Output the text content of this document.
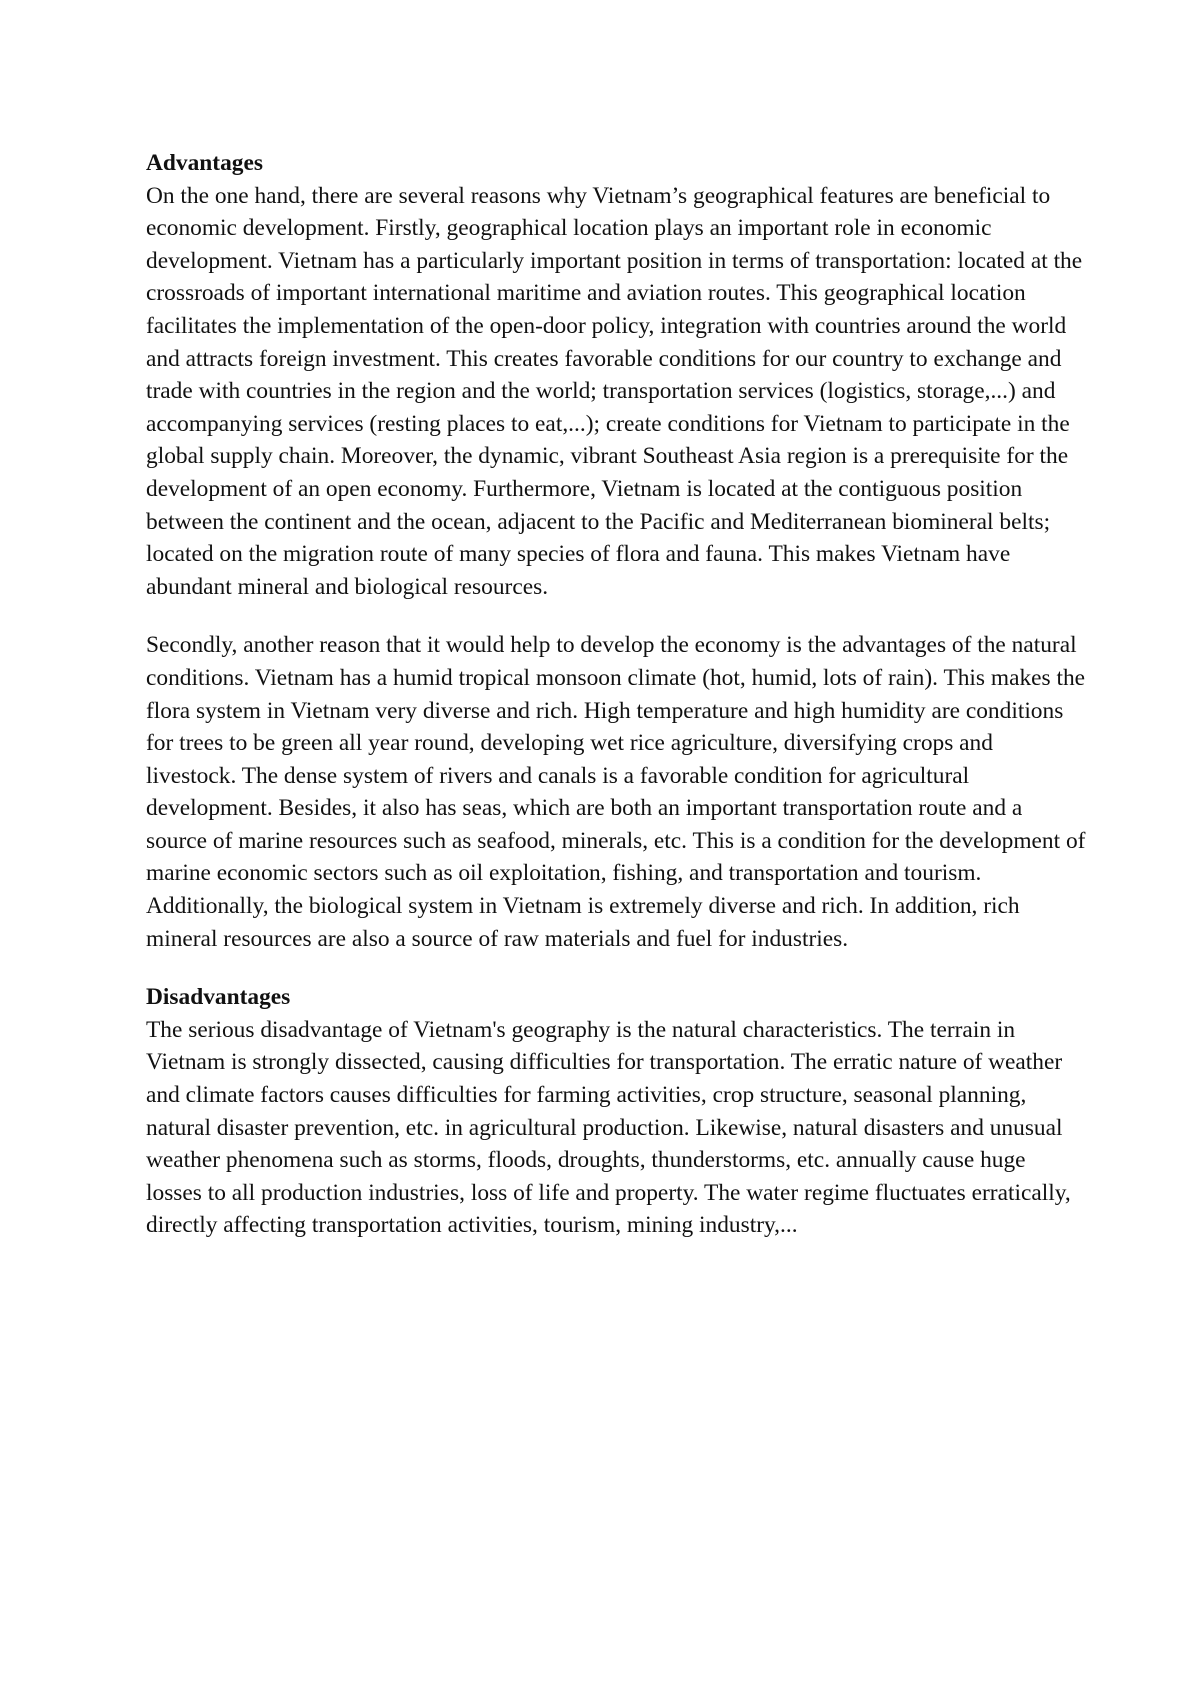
Advantages

On the one hand, there are several reasons why Vietnam’s geographical features are beneficial to economic development. Firstly, geographical location plays an important role in economic development. Vietnam has a particularly important position in terms of transportation: located at the crossroads of important international maritime and aviation routes. This geographical location facilitates the implementation of the open-door policy, integration with countries around the world and attracts foreign investment. This creates favorable conditions for our country to exchange and trade with countries in the region and the world; transportation services (logistics, storage,...) and accompanying services (resting places to eat,...); create conditions for Vietnam to participate in the global supply chain. Moreover, the dynamic, vibrant Southeast Asia region is a prerequisite for the development of an open economy. Furthermore, Vietnam is located at the contiguous position between the continent and the ocean, adjacent to the Pacific and Mediterranean biomineral belts; located on the migration route of many species of flora and fauna. This makes Vietnam have abundant mineral and biological resources.

Secondly, another reason that it would help to develop the economy is the advantages of the natural conditions. Vietnam has a humid tropical monsoon climate (hot, humid, lots of rain). This makes the flora system in Vietnam very diverse and rich. High temperature and high humidity are conditions for trees to be green all year round, developing wet rice agriculture, diversifying crops and livestock. The dense system of rivers and canals is a favorable condition for agricultural development. Besides, it also has seas, which are both an important transportation route and a source of marine resources such as seafood, minerals, etc. This is a condition for the development of marine economic sectors such as oil exploitation, fishing, and transportation and tourism. Additionally, the biological system in Vietnam is extremely diverse and rich. In addition, rich mineral resources are also a source of raw materials and fuel for industries.

Disadvantages

The serious disadvantage of Vietnam's geography is the natural characteristics. The terrain in Vietnam is strongly dissected, causing difficulties for transportation. The erratic nature of weather and climate factors causes difficulties for farming activities, crop structure, seasonal planning, natural disaster prevention, etc. in agricultural production. Likewise, natural disasters and unusual weather phenomena such as storms, floods, droughts, thunderstorms, etc. annually cause huge losses to all production industries, loss of life and property. The water regime fluctuates erratically, directly affecting transportation activities, tourism, mining industry,...
